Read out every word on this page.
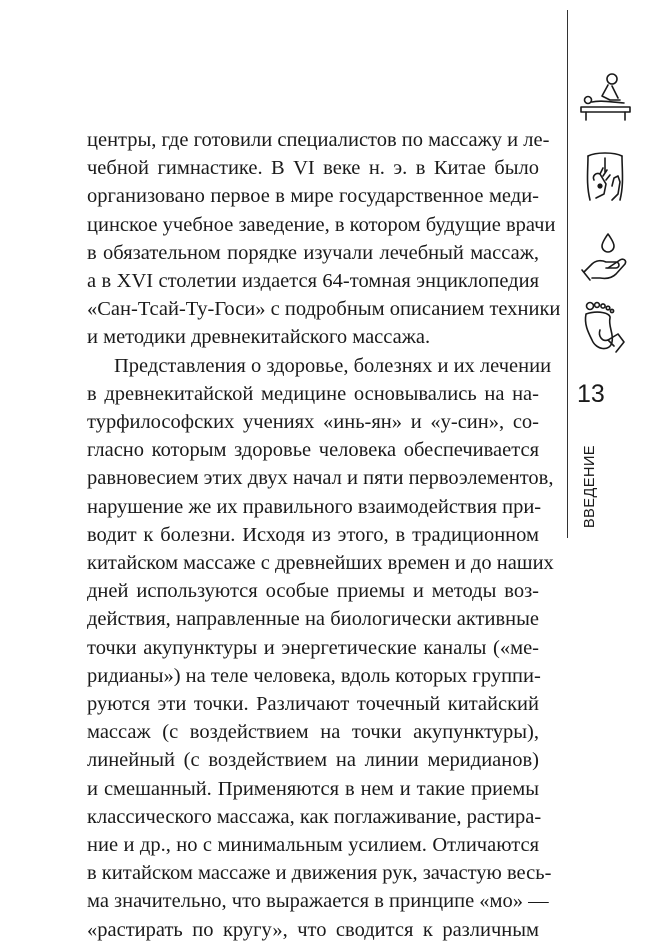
центры, где готовили специалистов по массажу и ле-
чебной гимнастике. В VI веке н. э. в Китае было
организовано первое в мире государственное меди-
цинское учебное заведение, в котором будущие врачи
в обязательном порядке изучали лечебный массаж,
а в XVI столетии издается 64-томная энциклопедия
«Сан-Тсай-Ту-Госи» с подробным описанием техники
и методики древнекитайского массажа.

Представления о здоровье, болезнях и их лечении
в древнекитайской медицине основывались на на-
турфилософских учениях «инь-ян» и «у-син», со-
гласно которым здоровье человека обеспечивается
равновесием этих двух начал и пяти первоэлементов,
нарушение же их правильного взаимодействия при-
водит к болезни. Исходя из этого, в традиционном
китайском массаже с древнейших времен и до наших
дней используются особые приемы и методы воз-
действия, направленные на биологически активные
точки акупунктуры и энергетические каналы («ме-
ридианы») на теле человека, вдоль которых группи-
руются эти точки. Различают точечный китайский
массаж (с воздействием на точки акупунктуры),
линейный (с воздействием на линии меридианов)
и смешанный. Применяются в нем и такие приемы
классического массажа, как поглаживание, растира-
ние и др., но с минимальным усилием. Отличаются
в китайском массаже и движения рук, зачастую весь-
ма значительно, что выражается в принципе «мо» —
«растирать по кругу», что сводится к различным

13
ВВЕДЕНИЕ
